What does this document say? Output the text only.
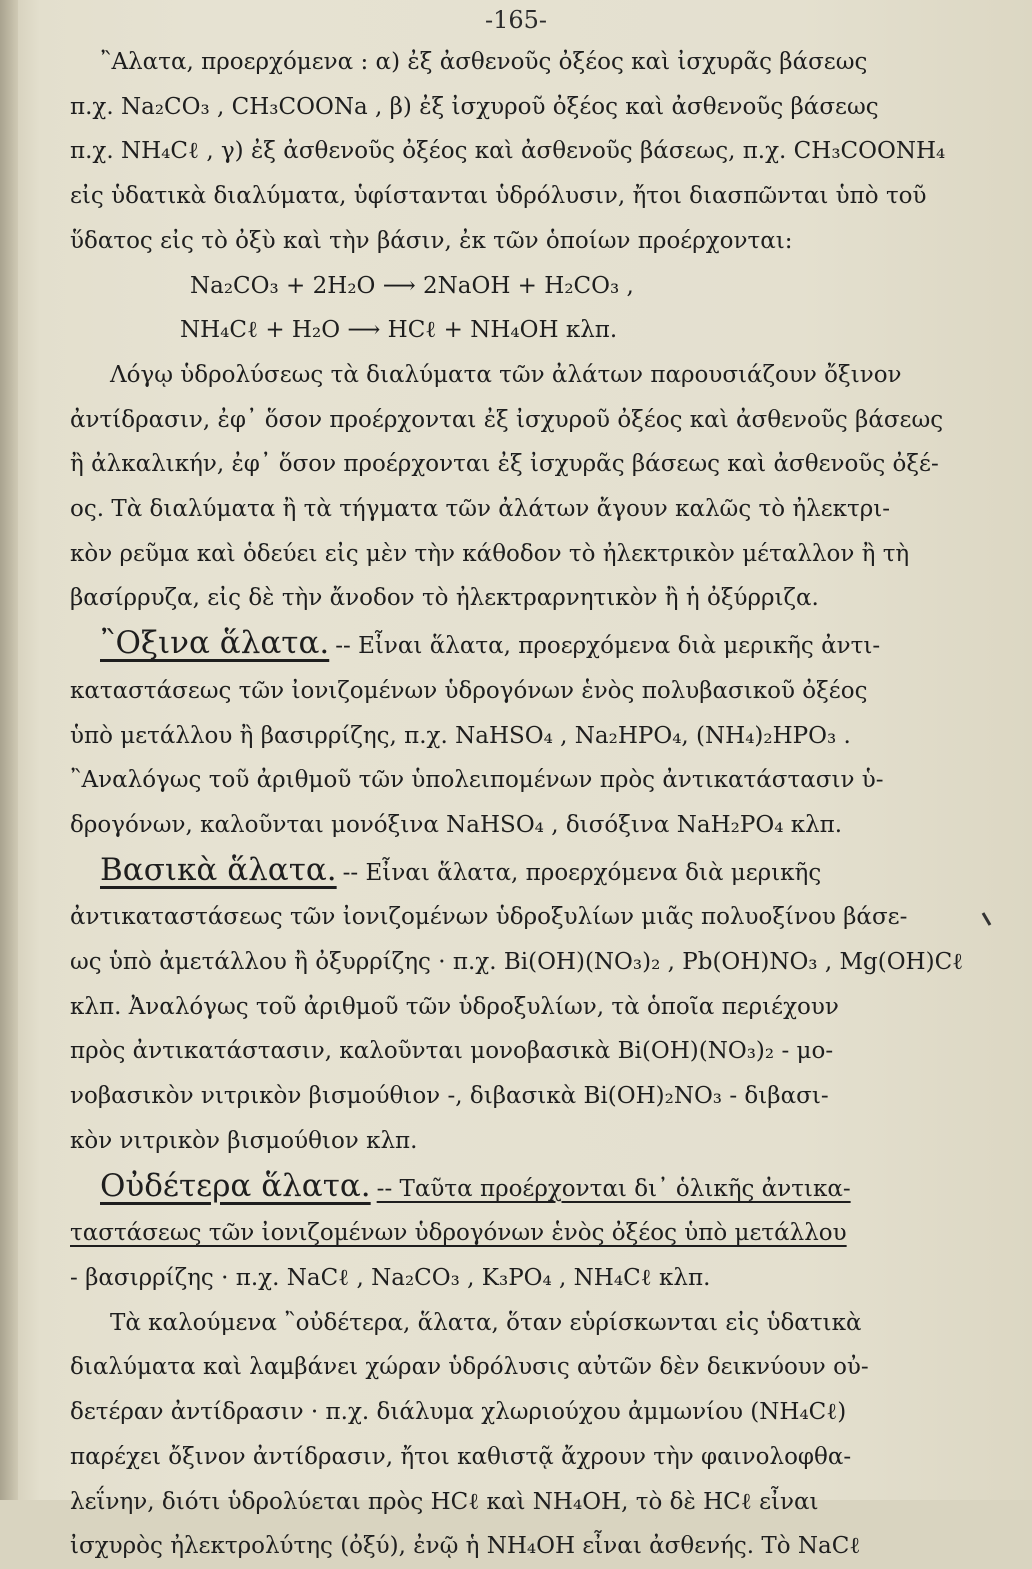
-165-
῍Αλατα, προερχόμενα : α) ἐξ ἀσθενοῦς ὀξέος καὶ ἰσχυρᾶς βάσεως
π.χ. Na₂CO₃ , CH₃COONa , β) ἐξ ἰσχυροῦ ὀξέος καὶ ἀσθενοῦς βάσεως
π.χ. NH₄Cℓ , γ) ἐξ ἀσθενοῦς ὀξέος καὶ ἀσθενοῦς βάσεως, π.χ. CH₃COONH₄
εἰς ὑδατικὰ διαλύματα, ὑφίστανται ὑδρόλυσιν, ἤτοι διασπῶνται ὑπὸ τοῦ
ὕδατος εἰς τὸ ὀξὺ καὶ τὴν βάσιν, ἐκ τῶν ὁποίων προέρχονται:
Na₂CO₃ + 2H₂O ⟶ 2NaOH + H₂CO₃ ,
NH₄Cℓ + H₂O ⟶ HCℓ + NH₄OH κλπ.
Λόγῳ ὑδρολύσεως τὰ διαλύματα τῶν ἀλάτων παρουσιάζουν ὄξινον
ἀντίδρασιν, ἐφ᾽ ὅσον προέρχονται ἐξ ἰσχυροῦ ὀξέος καὶ ἀσθενοῦς βάσεως
ἢ ἀλκαλικήν, ἐφ᾽ ὅσον προέρχονται ἐξ ἰσχυρᾶς βάσεως καὶ ἀσθενοῦς ὀξέ-
ος. Τὰ διαλύματα ἢ τὰ τήγματα τῶν ἀλάτων ἄγουν καλῶς τὸ ἠλεκτρι-
κὸν ρεῦμα καὶ ὁδεύει εἰς μὲν τὴν κάθοδον τὸ ἠλεκτρικὸν μέταλλον ἢ τὴ
βασίρρυζα, εἰς δὲ τὴν ἄνοδον τὸ ἠλεκτραρνητικὸν ἢ ἡ ὀξύρριζα.
῍Οξινα ἅλατα. -- Εἶναι ἅλατα, προερχόμενα διὰ μερικῆς ἀντι-
καταστάσεως τῶν ἰονιζομένων ὑδρογόνων ἑνὸς πολυβασικοῦ ὀξέος
ὑπὸ μετάλλου ἢ βασιρρίζης, π.χ. NaHSO₄ , Na₂HPO₄, (NH₄)₂HPO₃ .
῍Αναλόγως τοῦ ἀριθμοῦ τῶν ὑπολειπομένων πρὸς ἀντικατάστασιν ὑ-
δρογόνων, καλοῦνται μονόξινα NaHSO₄ , δισόξινα NaH₂PO₄ κλπ.
Βασικὰ ἅλατα. -- Εἶναι ἅλατα, προερχόμενα διὰ μερικῆς
ἀντικαταστάσεως τῶν ἰονιζομένων ὑδροξυλίων μιᾶς πολυοξίνου βάσε-
ως ὑπὸ ἀμετάλλου ἢ ὀξυρρίζης · π.χ. Bi(OH)(NO₃)₂ , Pb(OH)NO₃ , Mg(OH)Cℓ
κλπ. Ἀναλόγως τοῦ ἀριθμοῦ τῶν ὑδροξυλίων, τὰ ὁποῖα περιέχουν
πρὸς ἀντικατάστασιν, καλοῦνται μονοβασικὰ Bi(OH)(NO₃)₂ - μο-
νοβασικὸν νιτρικὸν βισμούθιον -, διβασικὰ Bi(OH)₂NO₃ - διβασι-
κὸν νιτρικὸν βισμούθιον κλπ.
Οὐδέτερα ἅλατα. -- Ταῦτα προέρχονται δι᾽ ὁλικῆς ἀντικα-
ταστάσεως τῶν ἰονιζομένων ὑδρογόνων ἑνὸς ὀξέος ὑπὸ μετάλλου
- βασιρρίζης · π.χ. NaCℓ , Na₂CO₃ , K₃PO₄ , NH₄Cℓ κλπ.
Τὰ καλούμενα ῍οὐδέτερα, ἅλατα, ὅταν εὑρίσκωνται εἰς ὑδατικὰ
διαλύματα καὶ λαμβάνει χώραν ὑδρόλυσις αὐτῶν δὲν δεικνύουν οὐ-
δετέραν ἀντίδρασιν · π.χ. διάλυμα χλωριούχου ἀμμωνίου (NH₄Cℓ)
παρέχει ὄξινον ἀντίδρασιν, ἤτοι καθιστᾷ ἄχρουν τὴν φαινολοφθα-
λεΐνην, διότι ὑδρολύεται πρὸς HCℓ καὶ NH₄OH, τὸ δὲ HCℓ εἶναι
ἰσχυρὸς ἠλεκτρολύτης (ὀξύ), ἐνῷ ἡ NH₄OH εἶναι ἀσθενής. Τὸ NaCℓ
